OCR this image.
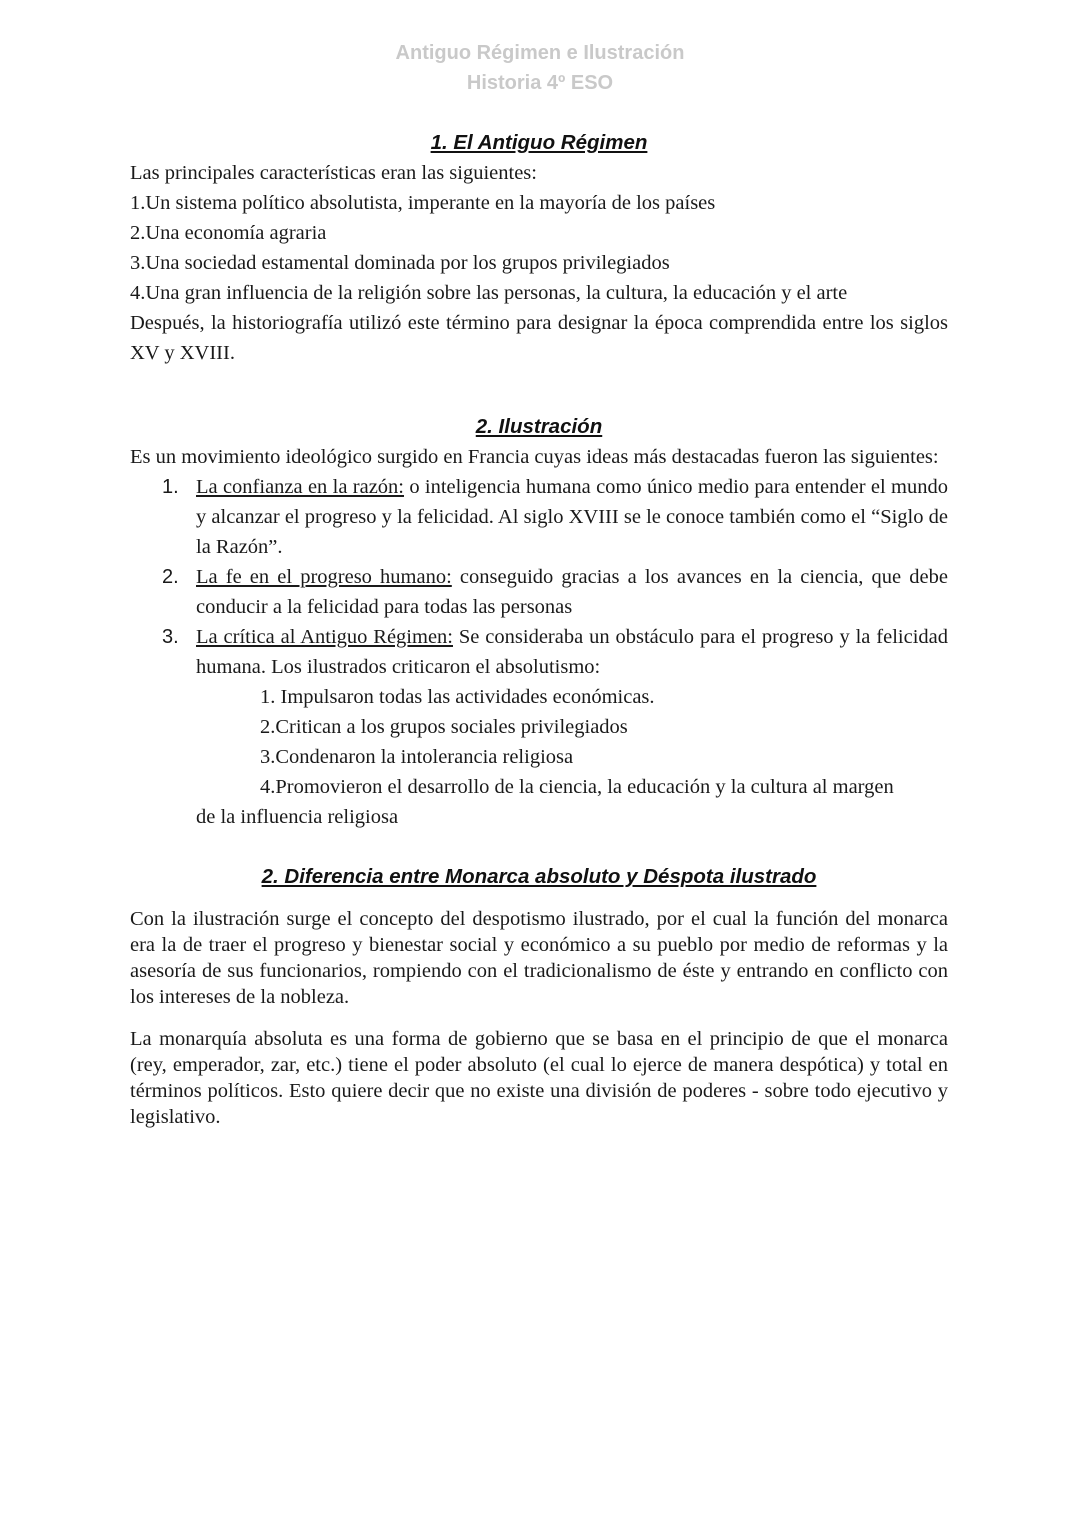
Antiguo Régimen e Ilustración
Historia 4º ESO
1. El Antiguo Régimen
Las principales características eran las siguientes:
1.Un sistema político absolutista, imperante en la mayoría de los países
2.Una economía agraria
3.Una sociedad estamental dominada por los grupos privilegiados
4.Una gran influencia de la religión sobre las personas, la cultura, la educación y el arte
Después, la historiografía utilizó este término para designar la época comprendida entre los siglos XV y XVIII.
2. Ilustración
Es un movimiento ideológico surgido en Francia cuyas ideas más destacadas fueron las siguientes:
1. La confianza en la razón: o inteligencia humana como único medio para entender el mundo y alcanzar el progreso y la felicidad. Al siglo XVIII se le conoce también como el “Siglo de la Razón”.
2. La fe en el progreso humano: conseguido gracias a los avances en la ciencia, que debe conducir a la felicidad para todas las personas
3. La crítica al Antiguo Régimen: Se consideraba un obstáculo para el progreso y la felicidad humana. Los ilustrados criticaron el absolutismo:
1. Impulsaron todas las actividades económicas.
2.Critican a los grupos sociales privilegiados
3.Condenaron la intolerancia religiosa
4.Promovieron el desarrollo de la ciencia, la educación y la cultura al margen
de la influencia religiosa
2. Diferencia entre Monarca absoluto y Déspota ilustrado
Con la ilustración surge el concepto del despotismo ilustrado, por el cual la función del monarca era la de traer el progreso y bienestar social y económico a su pueblo por medio de reformas y la asesoría de sus funcionarios, rompiendo con el tradicionalismo de éste y entrando en conflicto con los intereses de la nobleza.
La monarquía absoluta es una forma de gobierno que se basa en el principio de que el monarca (rey, emperador, zar, etc.) tiene el poder absoluto (el cual lo ejerce de manera despótica) y total en términos políticos. Esto quiere decir que no existe una división de poderes - sobre todo ejecutivo y legislativo.
